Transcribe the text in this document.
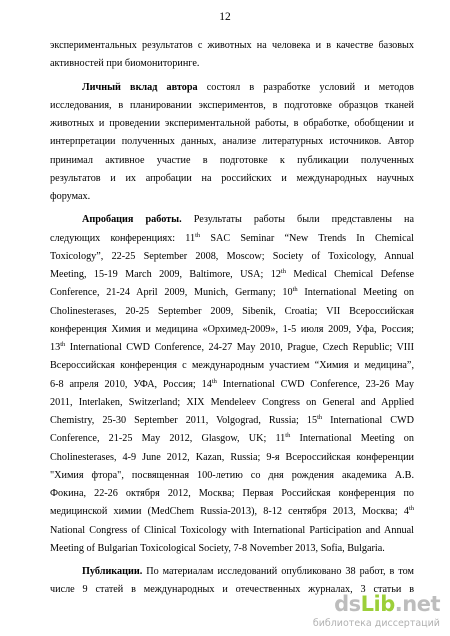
12
экспериментальных результатов с животных на человека и в качестве базовых
активностей при биомониторинге.
Личный вклад автора состоял в разработке условий и методов
исследования, в планировании экспериментов, в подготовке образцов тканей
животных и проведении экспериментальной работы, в обработке, обобщении и
интерпретации полученных данных, анализе литературных источников. Автор
принимал активное участие в подготовке к публикации полученных
результатов и их апробации на российских и международных научных
форумах.
Апробация работы. Результаты работы были представлены на
следующих конференциях: 11th SAC Seminar “New Trends In Chemical
Toxicology”, 22-25 September 2008, Moscow; Society of Toxicology, Annual
Meeting, 15-19 March 2009, Baltimore, USA; 12th Medical Chemical Defense
Conference, 21-24 April 2009, Munich, Germany; 10th International Meeting on
Cholinesterases, 20-25 September 2009, Sibenik, Croatia; VII Всероссийская
конференция Химия и медицина «Орхимед-2009», 1-5 июля 2009, Уфа, Россия;
13th International CWD Conference, 24-27 May 2010, Prague, Czech Republic; VIII
Всероссийская конференция с международным участием “Химия и медицина”,
6-8 апреля 2010, УФА, Россия; 14th International CWD Conference, 23-26 May
2011, Interlaken, Switzerland; XIX Mendeleev Congress on General and Applied
Chemistry, 25-30 September 2011, Volgograd, Russia; 15th International CWD
Conference, 21-25 May 2012, Glasgow, UK; 11th International Meeting on
Cholinesterases, 4-9 June 2012, Kazan, Russia; 9-я Всероссийская конференции
"Химия фтора", посвященная 100-летию со дня рождения академика А.В.
Фокина, 22-26 октября 2012, Москва; Первая Российская конференция по
медицинской химии (MedChem Russia-2013), 8-12 сентября 2013, Москва; 4th
National Congress of Clinical Toxicology with International Participation and Annual
Meeting of Bulgarian Toxicological Society, 7-8 November 2013, Sofia, Bulgaria.
Публикации. По материалам исследований опубликовано 38 работ, в том
числе 9 статей в международных и отечественных журналах, 3 статьи в
dsLib.net
библиотека диссертаций
